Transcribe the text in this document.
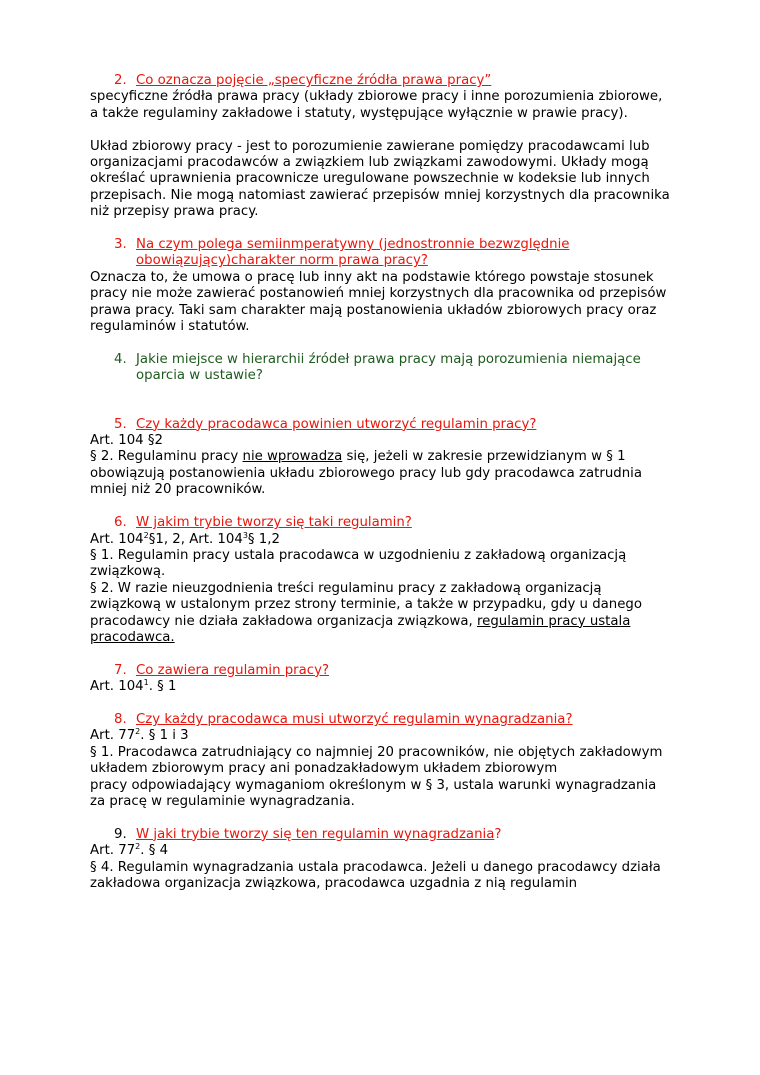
2. Co oznacza pojęcie „specyficzne źródła prawa pracy”

specyficzne źródła prawa pracy (układy zbiorowe pracy i inne porozumienia zbiorowe, a także regulaminy zakładowe i statuty, występujące wyłącznie w prawie pracy).

Układ zbiorowy pracy - jest to porozumienie zawierane pomiędzy pracodawcami lub organizacjami pracodawców a związkiem lub związkami zawodowymi. Układy mogą określać uprawnienia pracownicze uregulowane powszechnie w kodeksie lub innych przepisach. Nie mogą natomiast zawierać przepisów mniej korzystnych dla pracownika niż przepisy prawa pracy.

3. Na czym polega semiinmperatywny (jednostronnie bezwzględnie obowiązujący)charakter norm prawa pracy?

Oznacza to, że umowa o pracę lub inny akt na podstawie którego powstaje stosunek pracy nie może zawierać postanowień mniej korzystnych dla pracownika od przepisów prawa pracy. Taki sam charakter mają postanowienia układów zbiorowych pracy oraz regulaminów i statutów.

4. Jakie miejsce w hierarchii źródeł prawa pracy mają porozumienia niemające oparcia w ustawie?

5. Czy każdy pracodawca powinien utworzyć regulamin pracy?

Art. 104 §2

§ 2. Regulaminu pracy nie wprowadza się, jeżeli w zakresie przewidzianym w § 1 obowiązują postanowienia układu zbiorowego pracy lub gdy pracodawca zatrudnia

mniej niż 20 pracowników.

6. W jakim trybie tworzy się taki regulamin?

Art. $104^2\S 1$, 2, Art. $104^3\S$ 1,2

§ 1. Regulamin pracy ustala pracodawca w uzgodnieniu z zakładową organizacją związkową.

§ 2. W razie nieuzgodnienia treści regulaminu pracy z zakładową organizacją związkową w ustalonym przez strony terminie, a także w przypadku, gdy u danego

pracodawcy nie działa zakładowa organizacja związkowa, regulamin pracy ustala pracodawca.

7. Co zawiera regulamin pracy?

Art. $104^1$. § 1

8. Czy każdy pracodawca musi utworzyć regulamin wynagradzania?

Art. $77^2$. § 1 i 3

§ 1. Pracodawca zatrudniający co najmniej 20 pracowników, nie objętych zakładowym

układem zbiorowym pracy ani ponadzakładowym układem zbiorowym

pracy odpowiadający wymaganiom określonym w § 3, ustala warunki wynagradzania

za pracę w regulaminie wynagradzania.

9. W jaki trybie tworzy się ten regulamin wynagradzania?

Art. $77^2$. § 4

§ 4. Regulamin wynagradzania ustala pracodawca. Jeżeli u danego pracodawcy działa zakładowa organizacja związkowa, pracodawca uzgadnia z nią regulamin
